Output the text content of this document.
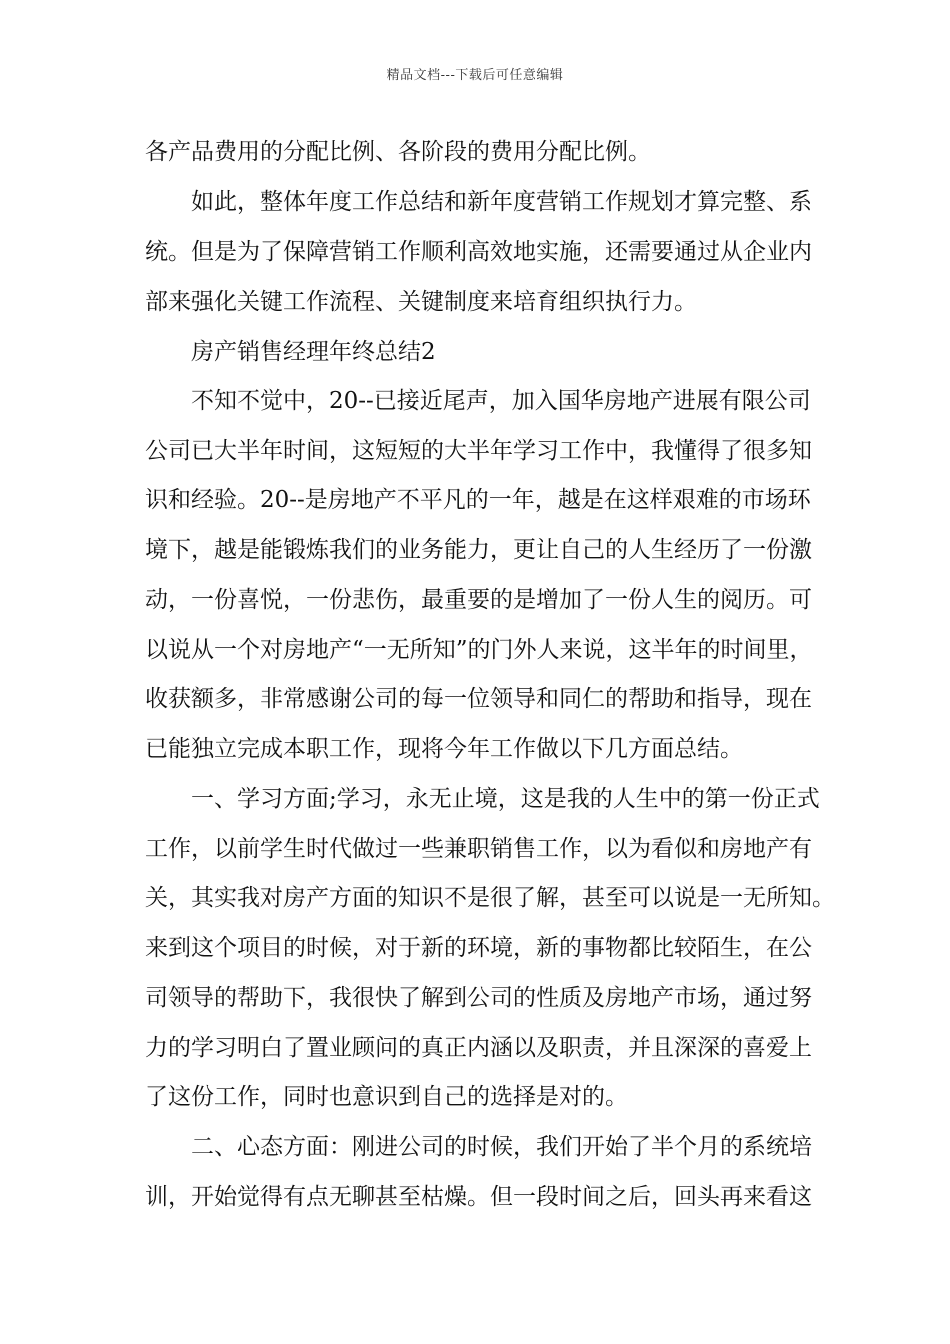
精品文档---下载后可任意编辑
各产品费用的分配比例、各阶段的费用分配比例。
　　如此，整体年度工作总结和新年度营销工作规划才算完整、系
统。但是为了保障营销工作顺利高效地实施，还需要通过从企业内
部来强化关键工作流程、关键制度来培育组织执行力。
　　房产销售经理年终总结2
　　不知不觉中，20--已接近尾声，加入国华房地产进展有限公司
公司已大半年时间，这短短的大半年学习工作中，我懂得了很多知
识和经验。20--是房地产不平凡的一年，越是在这样艰难的市场环
境下，越是能锻炼我们的业务能力，更让自己的人生经历了一份激
动，一份喜悦，一份悲伤，最重要的是增加了一份人生的阅历。可
以说从一个对房地产“一无所知”的门外人来说，这半年的时间里，
收获额多，非常感谢公司的每一位领导和同仁的帮助和指导，现在
已能独立完成本职工作，现将今年工作做以下几方面总结。
　　一、学习方面;学习，永无止境，这是我的人生中的第一份正式
工作，以前学生时代做过一些兼职销售工作，以为看似和房地产有
关，其实我对房产方面的知识不是很了解，甚至可以说是一无所知。
来到这个项目的时候，对于新的环境，新的事物都比较陌生，在公
司领导的帮助下，我很快了解到公司的性质及房地产市场，通过努
力的学习明白了置业顾问的真正内涵以及职责，并且深深的喜爱上
了这份工作，同时也意识到自己的选择是对的。
　　二、心态方面：刚进公司的时候，我们开始了半个月的系统培
训，开始觉得有点无聊甚至枯燥。但一段时间之后，回头再来看这
